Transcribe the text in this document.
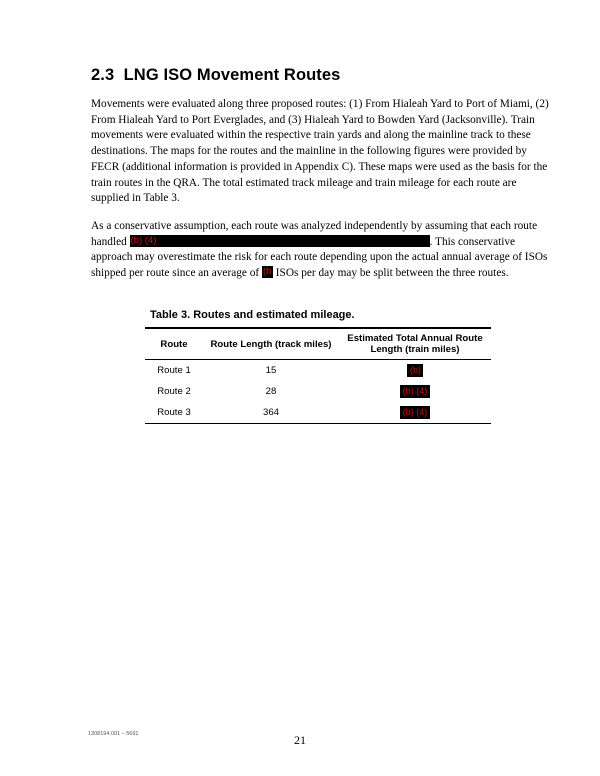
2.3 LNG ISO Movement Routes

Movements were evaluated along three proposed routes: (1) From Hialeah Yard to Port of Miami, (2) From Hialeah Yard to Port Everglades, and (3) Hialeah Yard to Bowden Yard (Jacksonville). Train movements were evaluated within the respective train yards and along the mainline track to these destinations. The maps for the routes and the mainline in the following figures were provided by FECR (additional information is provided in Appendix C). These maps were used as the basis for the train routes in the QRA. The total estimated track mileage and train mileage for each route are supplied in Table 3.

As a conservative assumption, each route was analyzed independently by assuming that each route handled (b) (4)	. This conservative approach may overestimate the risk for each route depending upon the actual annual average of ISOs shipped per route since an average of (b ISOs per day may be split between the three routes.

Table 3. Routes and estimated mileage.

Route	Route Length (track miles)	Estimated Total Annual Route Length (train miles)
Route 1	15	(b)
Route 2	28	(b) (4)
Route 3	364	(b) (4)
1308194.001 – 5691	21
